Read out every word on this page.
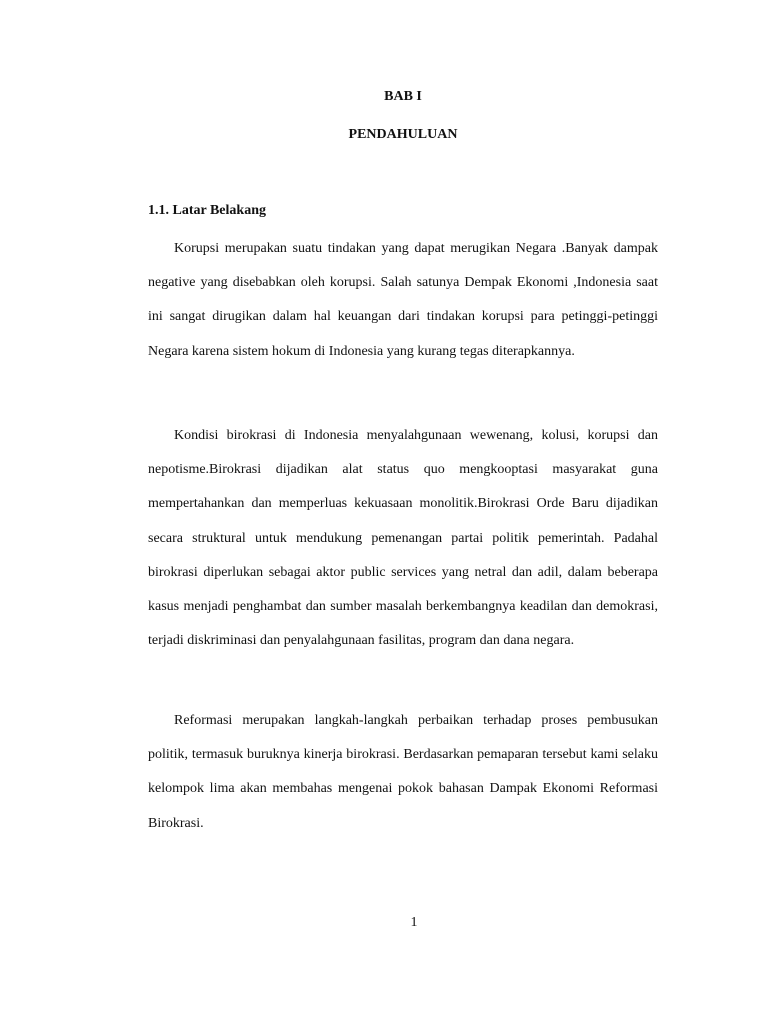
BAB I
PENDAHULUAN
1.1. Latar Belakang

Korupsi merupakan suatu tindakan yang dapat merugikan Negara .Banyak dampak negative yang disebabkan oleh korupsi. Salah satunya Dempak Ekonomi ,Indonesia saat ini sangat dirugikan dalam hal keuangan dari tindakan korupsi para petinggi-petinggi Negara karena sistem hokum di Indonesia yang kurang tegas diterapkannya.

Kondisi birokrasi di Indonesia menyalahgunaan wewenang, kolusi, korupsi dan nepotisme.Birokrasi dijadikan alat status quo mengkooptasi masyarakat guna mempertahankan dan memperluas kekuasaan monolitik.Birokrasi Orde Baru dijadikan secara struktural untuk mendukung pemenangan partai politik pemerintah. Padahal birokrasi diperlukan sebagai aktor public services yang netral dan adil, dalam beberapa kasus menjadi penghambat dan sumber masalah berkembangnya keadilan dan demokrasi, terjadi diskriminasi dan penyalahgunaan fasilitas, program dan dana negara.

Reformasi merupakan langkah-langkah perbaikan terhadap proses pembusukan politik, termasuk buruknya kinerja birokrasi. Berdasarkan pemaparan tersebut kami selaku kelompok lima akan membahas mengenai pokok bahasan Dampak Ekonomi Reformasi Birokrasi.

1
